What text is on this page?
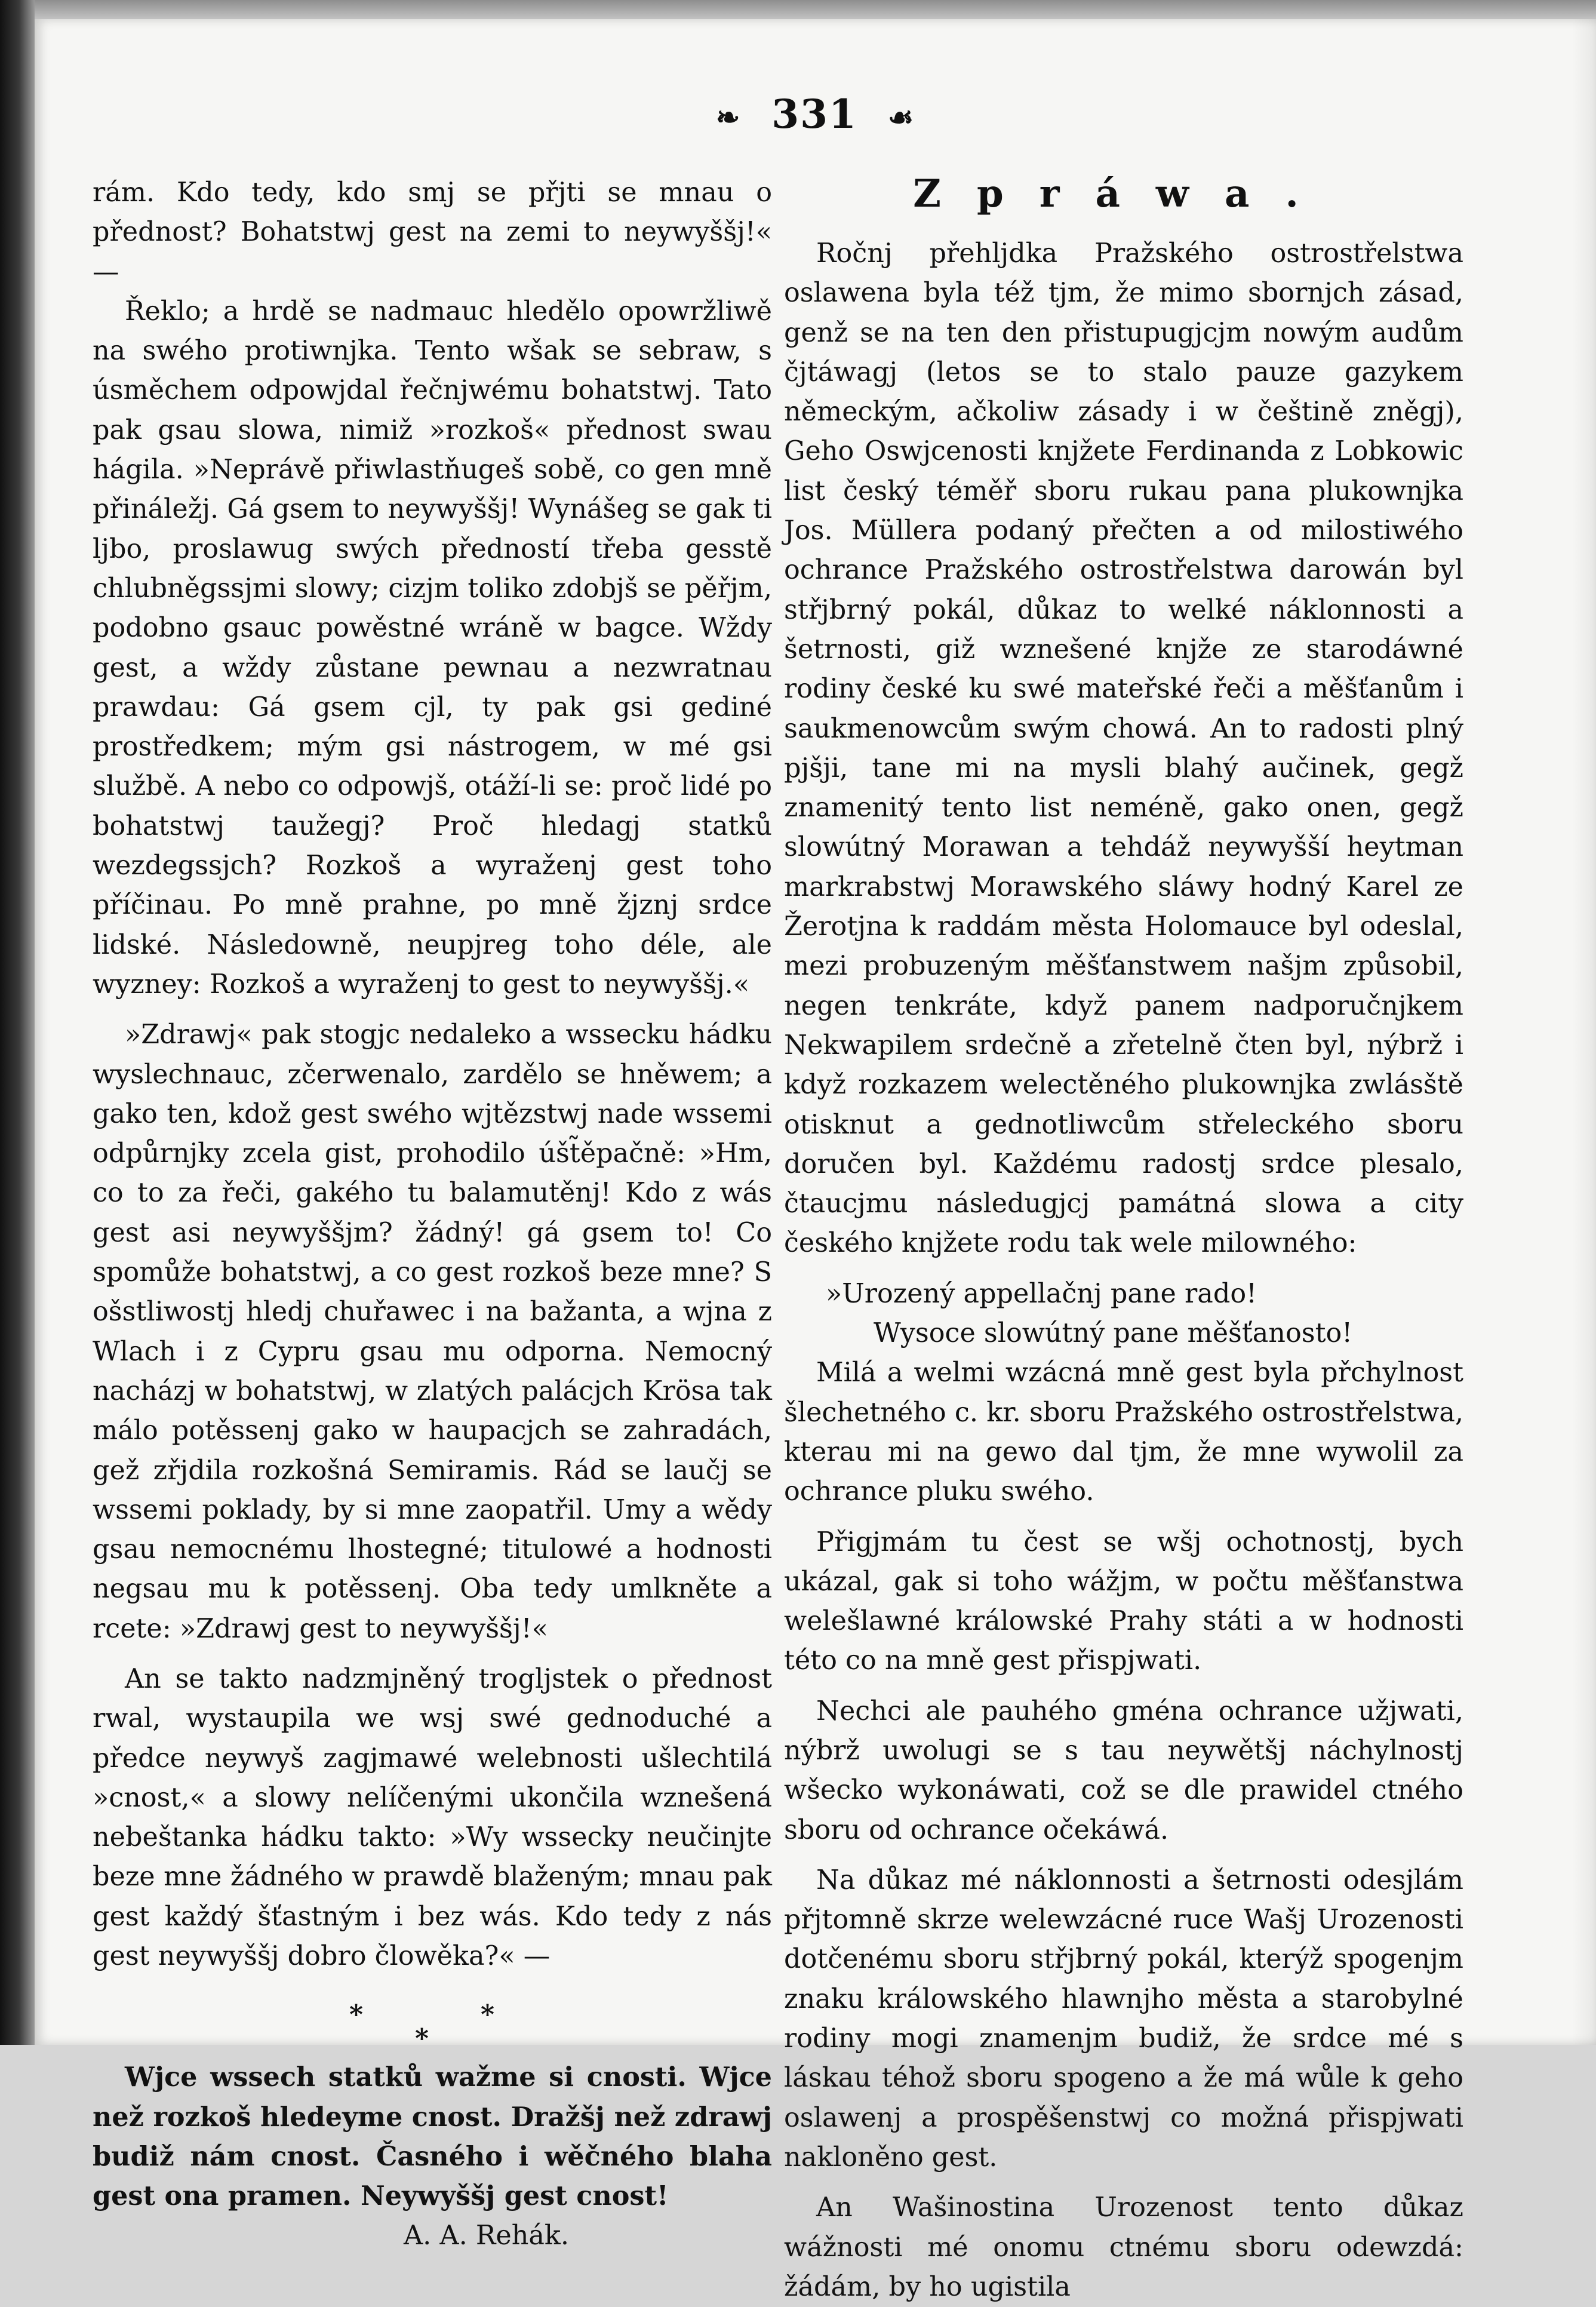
❧ 331 ☙

rám. Kdo tedy, kdo smj se přjti se mnau o přednost? Bohatstwj gest na zemi to neywyššj!« —

Řeklo; a hrdě se nadmauc hledělo opowržliwě na swého protiwnjka. Tento wšak se sebraw, s úsměchem odpowjdal řečnjwému bohatstwj. Tato pak gsau slowa, nimiž »rozkoš« přednost swau hágila. »Neprávě přiwlastňugeš sobě, co gen mně přináležj. Gá gsem to neywyššj! Wynášeg se gak ti ljbo, proslawug swých předností třeba gesstě chlubněgssjmi slowy; cizjm tolikо zdobjš se pěřjm, podobno gsauc powěstné wráně w bagce. Wždy gest, a wždy zůstane pewnau a nezwratnau prawdau: Gá gsem cjl, ty pak gsi gediné prostředkem; mým gsi nástrogem, w mé gsi službě. A nebo co odpowjš, otáží-li se: proč lidé po bohatstwj taužegj? Proč hledagj statků wezdegssjch? Rozkoš a wyraženj gest toho příčinau. Po mně prahne, po mně žjznj srdce lidské. Následowně, neupjreg toho déle, ale wyzney: Rozkoš a wyraženj to gest to neywyššj.«

»Zdrawj« pak stogjc nedaleko a wssecku hádku wyslechnauc, zčerwenalo, zardělo se hněwem; a gako ten, kdož gest swého wjtězstwj nade wssemi odpůrnjky zcela gist, prohodilo úšt̃ěpačně: »Hm, co to za řeči, gakého tu balamutěnj! Kdo z wás gest asi neywyššjm? žádný! gá gsem to! Co spomůže bohatstwj, a co gest rozkoš beze mne? S ošstliwostj hledj chuřawec i na bažanta, a wjna z Wlach i z Cypru gsau mu odporna. Nemocný nacházj w bohatstwj, w zlatých palácjch Krösa tak málo potěssenj gako w haupacjch se zahradách, gež zřjdila rozkošná Semiramis. Rád se laučj se wssemi poklady, by si mne zaopatřil. Umy a wědy gsau nemocnému lhostegné; titulowé a hodnosti negsau mu k potěssenj. Oba tedy umlkněte a rcete: »Zdrawj gest to neywyššj!«

An se takto nadzmjněný trogljstek o přednost rwal, wystaupila we wsj swé gednoduché a předce neywyš zagjmawé welebnosti ušlechtilá »cnost,« a slowy nelíčenými ukončila wznešená nebeštanka hádku takto: »Wy wssecky neučinjte beze mne žádného w prawdě blaženým; mnau pak gest každý šťastným i bez wás. Kdo tedy z nás gest neywyššj dobro člowěka?« —

*
*
*

Wjce wssech statků wažme si cnosti. Wjce než rozkoš hledeyme cnost. Dražšj než zdrawj budiž nám cnost. Časného i wěčného blaha gest ona pramen. Neywyššj gest cnost!

A. A. Rehák.

Zpráwa.

Ročnj přehljdka Pražského ostrostřelstwa oslawena byla též tjm, že mimo sbornjch zásad, genž se na ten den přistupugjcjm nowým audům čjtáwagj (letos se to stalo pauze gazykem německým, ačkoliw zásady i w češtině zněgj), Geho Oswjcenosti knjžete Ferdinanda z Lobkowic list český téměř sboru rukau pana plukownjka Jos. Müllera podaný přečten a od milostiwého ochrance Pražského ostrostřelstwa darowán byl střjbrný pokál, důkaz to welké náklonnosti a šetrnosti, giž wznešené knjže ze starodáwné rodiny české ku swé mateřské řeči a měšťanům i saukmenowcům swým chowá. An to radosti plný pjšji, tane mi na mysli blahý aučinek, gegž znamenitý tento list neméně, gako onen, gegž slowútný Morawan a tehdáž neywyšší heytman markrabstwj Morawského sláwy hodný Karel ze Žerotjna k raddám města Holomauce byl odeslal, mezi probuzeným měšťanstwem našjm způsobil, negen tenkráte, když panem nadporučnjkem Nekwapilem srdečně a zřetelně čten byl, nýbrž i když rozkazem welectěného plukownjka zwlásště otisknut a gednotliwcům střeleckého sboru doručen byl. Každému radostj srdce plesalo, čtaucjmu následugjcj památná slowa a city českého knjžete rodu tak wele milowného:

»Urozený appellačnj pane rado!

Wysoce slowútný pane měšťanosto!

Milá a welmi wzácná mně gest byla přchylnost šlechetného c. kr. sboru Pražského ostrostřelstwa, kterau mi na gewo dal tjm, že mne wywolil za ochrance pluku swého.

Přigjmám tu čest se wšj ochotnostj, bych ukázal, gak si toho wážjm, w počtu měšťanstwa welešlawné králowské Prahy státi a w hodnosti této co na mně gest přispjwati.

Nechci ale pauhého gména ochrance užjwati, nýbrž uwolugi se s tau neywětšj náchylnostj wšecko wykonáwati, což se dle prawidel ctného sboru od ochrance očekáwá.

Na důkaz mé náklonnosti a šetrnosti odesjlám přjtomně skrze welewzácné ruce Wašj Urozenosti dotčenému sboru střjbrný pokál, kterýž spogenjm znaku králowského hlawnjho města a starobylné rodiny mogi znamenjm budiž, že srdce mé s láskau téhož sboru spogeno a že má wůle k geho oslawenj a prospěšenstwj co možná přispjwati nakloněno gest.

An Wašinostina Urozenost tento důkaz wážnosti mé onomu ctnému sboru odewzdá: žádám, by ho ugistila
